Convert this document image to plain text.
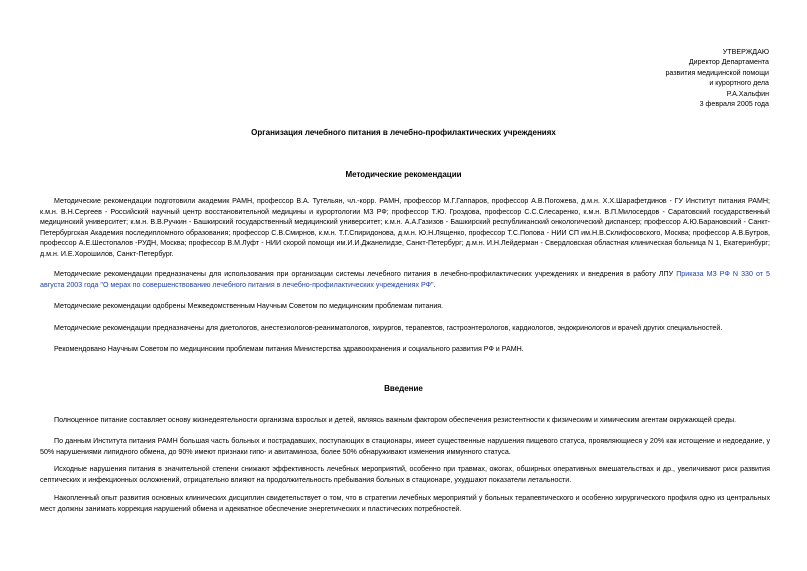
УТВЕРЖДАЮ
Директор Департамента
развития медицинской помощи
и курортного дела
Р.А.Хальфин
3 февраля 2005 года
Организация лечебного питания в лечебно-профилактических учреждениях
Методические рекомендации
Методические рекомендации подготовили академик РАМН, профессор В.А. Тутельян, чл.-корр. РАМН, профессор М.Г.Гаппаров, профессор А.В.Погожева, д.м.н. Х.Х.Шарафетдинов - ГУ Институт питания РАМН; к.м.н. В.Н.Сергеев - Российский научный центр восстановительной медицины и курортологии МЗ РФ; профессор Т.Ю. Гроздова, профессор С.С.Слесаренко, к.м.н. В.П.Милосердов - Саратовский государственный медицинский университет; к.м.н. В.В.Ручкин - Башкирский государственный медицинский университет; к.м.н. А.А.Газизов - Башкирский республиканский онкологический диспансер; профессор А.Ю.Барановский - Санкт-Петербургская Академия последипломного образования; профессор С.В.Смирнов, к.м.н. Т.Г.Спиридонова, д.м.н. Ю.Н.Лященко, профессор Т.С.Попова - НИИ СП им.Н.В.Склифосовского, Москва; профессор А.В.Бутров, профессор А.Е.Шестопалов -РУДН, Москва; профессор В.М.Луфт - НИИ скорой помощи им.И.И.Джанелидзе, Санкт-Петербург; д.м.н. И.Н.Лейдерман - Свердловская областная клиническая больница N 1, Екатеринбург; д.м.н. И.Е.Хорошилов, Санкт-Петербург.
Методические рекомендации предназначены для использования при организации системы лечебного питания в лечебно-профилактических учреждениях и внедрения в работу ЛПУ Приказа МЗ РФ N 330 от 5 августа 2003 года "О мерах по совершенствованию лечебного питания в лечебно-профилактических учреждениях РФ".
Методические рекомендации одобрены Межведомственным Научным Советом по медицинским проблемам питания.
Методические рекомендации предназначены для диетологов, анестезиологов-реаниматологов, хирургов, терапевтов, гастроэнтерологов, кардиологов, эндокринологов и врачей других специальностей.
Рекомендовано Научным Советом по медицинским проблемам питания Министерства здравоохранения и социального развития РФ и РАМН.
Введение
Полноценное питание составляет основу жизнедеятельности организма взрослых и детей, являясь важным фактором обеспечения резистентности к физическим и химическим агентам окружающей среды.
По данным Института питания РАМН большая часть больных и пострадавших, поступающих в стационары, имеет существенные нарушения пищевого статуса, проявляющиеся у 20% как истощение и недоедание, у 50% нарушениями липидного обмена, до 90% имеют признаки гипо- и авитаминоза, более 50% обнаруживают изменения иммунного статуса.
Исходные нарушения питания в значительной степени снижают эффективность лечебных мероприятий, особенно при травмах, ожогах, обширных оперативных вмешательствах и др., увеличивают риск развития септических и инфекционных осложнений, отрицательно влияют на продолжительность пребывания больных в стационаре, ухудшают показатели летальности.
Накопленный опыт развития основных клинических дисциплин свидетельствует о том, что в стратегии лечебных мероприятий у больных терапевтического и особенно хирургического профиля одно из центральных мест должны занимать коррекция нарушений обмена и адекватное обеспечение энергетических и пластических потребностей.
